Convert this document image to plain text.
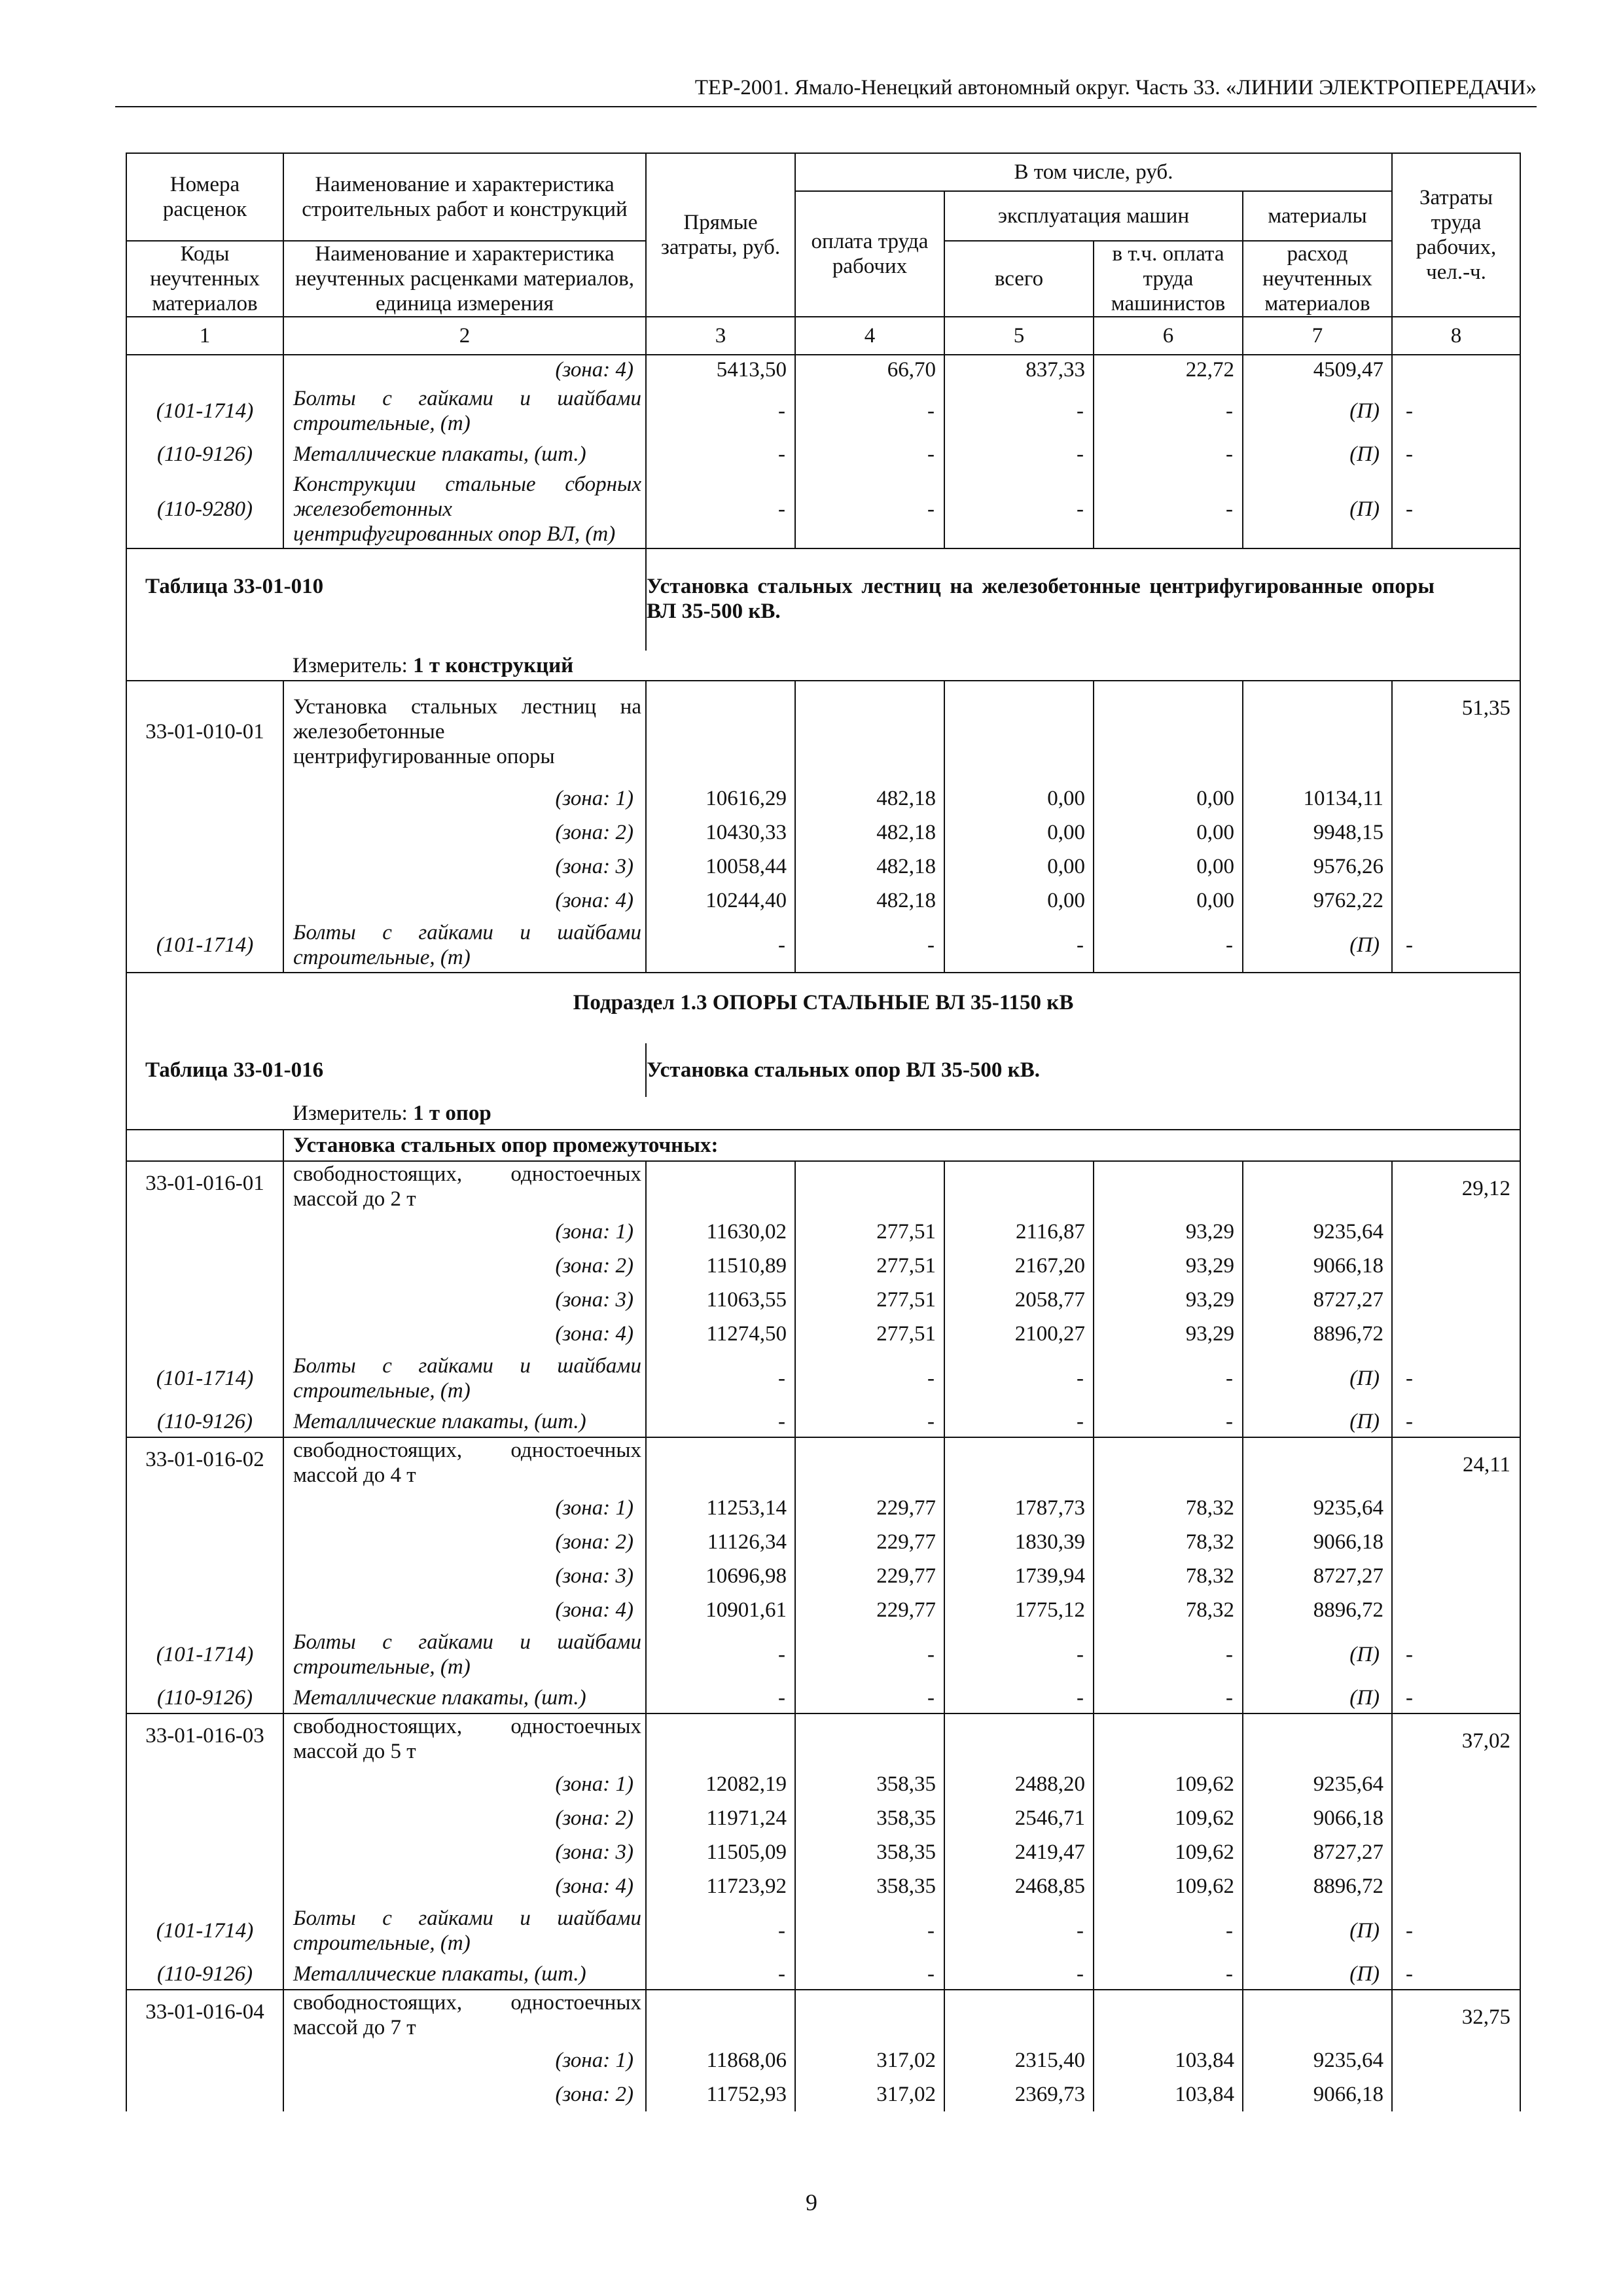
ТЕР-2001. Ямало-Ненецкий автономный округ. Часть 33. «ЛИНИИ ЭЛЕКТРОПЕРЕДАЧИ»
Номера расценок	Наименование и характеристика строительных работ и конструкций	Прямые затраты, руб.	В том числе, руб.				Затраты труда рабочих, чел.-ч.
			оплата труда рабочих	эксплуатация машин		материалы	
Коды неучтенных материалов	Наименование и характеристика неучтенных расценками материалов, единица измерения			всего	в т.ч. оплата труда машинистов	расход неучтенных материалов	
1	2	3	4	5	6	7	8
	(зона: 4)	5413,50	66,70	837,33	22,72	4509,47	
(101-1714)	Болты с гайками и шайбами строительные, (т)	-	-	-	-	(П)	-
(110-9126)	Металлические плакаты, (шт.)	-	-	-	-	(П)	-
(110-9280)	Конструкции стальные сборных железобетонных центрифугированных опор ВЛ, (т)	-	-	-	-	(П)	-
Таблица 33-01-010		Установка стальных лестниц на железобетонные центрифугированные опоры ВЛ 35-500 кВ.					
	Измеритель: 1 т конструкций						
33-01-010-01	Установка стальных лестниц на железобетонные центрифугированные опоры						51,35
	(зона: 1)	10616,29	482,18	0,00	0,00	10134,11	
	(зона: 2)	10430,33	482,18	0,00	0,00	9948,15	
	(зона: 3)	10058,44	482,18	0,00	0,00	9576,26	
	(зона: 4)	10244,40	482,18	0,00	0,00	9762,22	
(101-1714)	Болты с гайками и шайбами строительные, (т)	-	-	-	-	(П)	-
Подраздел 1.3 ОПОРЫ СТАЛЬНЫЕ ВЛ 35-1150 кВ							
Таблица 33-01-016		Установка стальных опор ВЛ 35-500 кВ.					
	Измеритель: 1 т опор						
	Установка стальных опор промежуточных:						
33-01-016-01	свободностоящих, одностоечных массой до 2 т						29,12
	(зона: 1)	11630,02	277,51	2116,87	93,29	9235,64	
	(зона: 2)	11510,89	277,51	2167,20	93,29	9066,18	
	(зона: 3)	11063,55	277,51	2058,77	93,29	8727,27	
	(зона: 4)	11274,50	277,51	2100,27	93,29	8896,72	
(101-1714)	Болты с гайками и шайбами строительные, (т)	-	-	-	-	(П)	-
(110-9126)	Металлические плакаты, (шт.)	-	-	-	-	(П)	-
33-01-016-02	свободностоящих, одностоечных массой до 4 т						24,11
	(зона: 1)	11253,14	229,77	1787,73	78,32	9235,64	
	(зона: 2)	11126,34	229,77	1830,39	78,32	9066,18	
	(зона: 3)	10696,98	229,77	1739,94	78,32	8727,27	
	(зона: 4)	10901,61	229,77	1775,12	78,32	8896,72	
(101-1714)	Болты с гайками и шайбами строительные, (т)	-	-	-	-	(П)	-
(110-9126)	Металлические плакаты, (шт.)	-	-	-	-	(П)	-
33-01-016-03	свободностоящих, одностоечных массой до 5 т						37,02
	(зона: 1)	12082,19	358,35	2488,20	109,62	9235,64	
	(зона: 2)	11971,24	358,35	2546,71	109,62	9066,18	
	(зона: 3)	11505,09	358,35	2419,47	109,62	8727,27	
	(зона: 4)	11723,92	358,35	2468,85	109,62	8896,72	
(101-1714)	Болты с гайками и шайбами строительные, (т)	-	-	-	-	(П)	-
(110-9126)	Металлические плакаты, (шт.)	-	-	-	-	(П)	-
33-01-016-04	свободностоящих, одностоечных массой до 7 т						32,75
	(зона: 1)	11868,06	317,02	2315,40	103,84	9235,64	
	(зона: 2)	11752,93	317,02	2369,73	103,84	9066,18	
9
